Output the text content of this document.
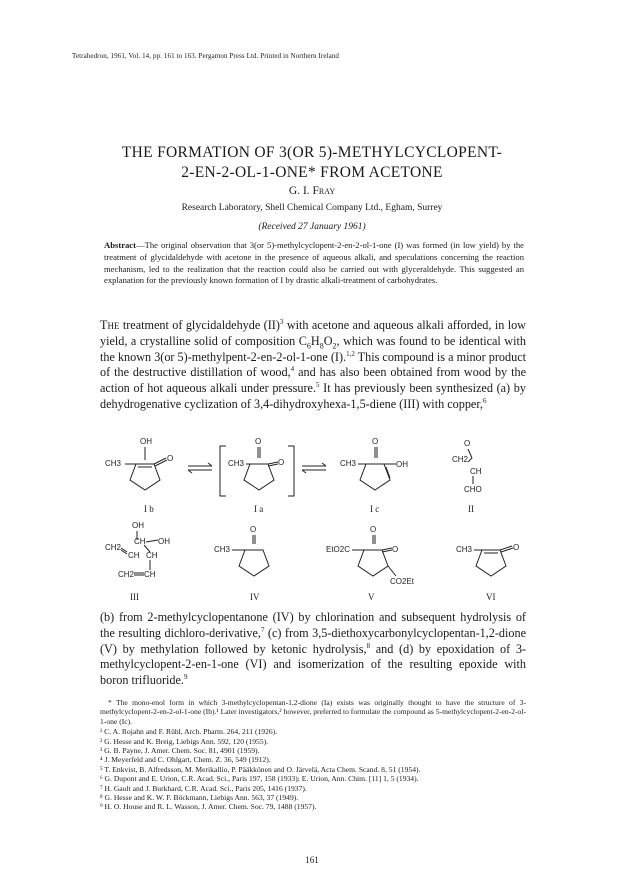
Tetrahedron, 1961, Vol. 14, pp. 161 to 163. Pergamon Press Ltd. Printed in Northern Ireland
THE FORMATION OF 3(OR 5)-METHYLCYCLOPENT-
2-EN-2-OL-1-ONE* FROM ACETONE
G. I. Fray
Research Laboratory, Shell Chemical Company Ltd., Egham, Surrey
(Received 27 January 1961)
Abstract—The original observation that 3(or 5)-methylcyclopent-2-en-2-ol-1-one (I) was formed (in low yield) by the treatment of glycidaldehyde with acetone in the presence of aqueous alkali, and speculations concerning the reaction mechanism, led to the realization that the reaction could also be carried out with glyceraldehyde. This suggested an explanation for the previously known formation of I by drastic alkali-treatment of carbohydrates.
The treatment of glycidaldehyde (II)$^3$ with acetone and aqueous alkali afforded, in low yield, a crystalline solid of composition $C_6H_8O_2$, which was found to be identical with the known 3(or 5)-methylpent-2-en-2-ol-1-one (I).$^{1,2}$ This compound is a minor product of the destructive distillation of wood,$^4$ and has also been obtained from wood by the action of hot aqueous alkali under pressure.$^5$ It has previously been synthesized (a) by dehydrogenative cyclization of 3,4-dihydroxyhexa-1,5-diene (III) with copper,$^6$
OH
CH3
O
O
CH3	O
O
CH3	OH
CH2
O
CH
CHO
I b	I a	I c	II
OH
CH2
CH
CH
CH
OH
CH2 CH
O
CH3
O
EtO2C	O
CO2Et
CH3	O
III	IV	V	VI
(b) from 2-methylcyclopentanone (IV) by chlorination and subsequent hydrolysis of the resulting dichloro-derivative,$^7$ (c) from 3,5-diethoxycarbonylcyclopentan-1,2-dione (V) by methylation followed by ketonic hydrolysis,$^8$ and (d) by epoxidation of 3-methylcyclopent-2-en-1-one (VI) and isomerization of the resulting epoxide with boron trifluoride.$^9$
* The mono-enol form in which 3-methylcyclopentan-1,2-dione (Ia) exists was originally thought to have the structure of 3-methylcyclopent-2-en-2-ol-1-one (Ib).¹ Later investigators,² however, preferred to formulate the compound as 5-methylcyclopent-2-en-2-ol-1-one (Ic).
¹ C. A. Rojahn and F. Rühl, Arch. Pharm. 264, 211 (1926).
² G. Hesse and K. Breig, Liebigs Ann. 592, 120 (1955).
³ G. B. Payne, J. Amer. Chem. Soc. 81, 4901 (1959).
⁴ J. Meyerfeld and C. Ohlgart, Chem. Z. 36, 549 (1912).
⁵ T. Enkvist, B. Alfredsson, M. Merikallio, P. Pääkkönen and O. Järvelä, Acta Chem. Scand. 8, 51 (1954).
⁶ G. Dupont and E. Urion, C.R. Acad. Sci., Paris 197, 158 (1933); E. Urion, Ann. Chim. [11] 1, 5 (1934).
⁷ H. Gault and J. Burkhard, C.R. Acad. Sci., Paris 205, 1416 (1937).
⁸ G. Hesse and K. W. F. Böckmann, Liebigs Ann. 563, 37 (1949).
⁹ H. O. House and R. L. Wasson, J. Amer. Chem. Soc. 79, 1488 (1957).
161
